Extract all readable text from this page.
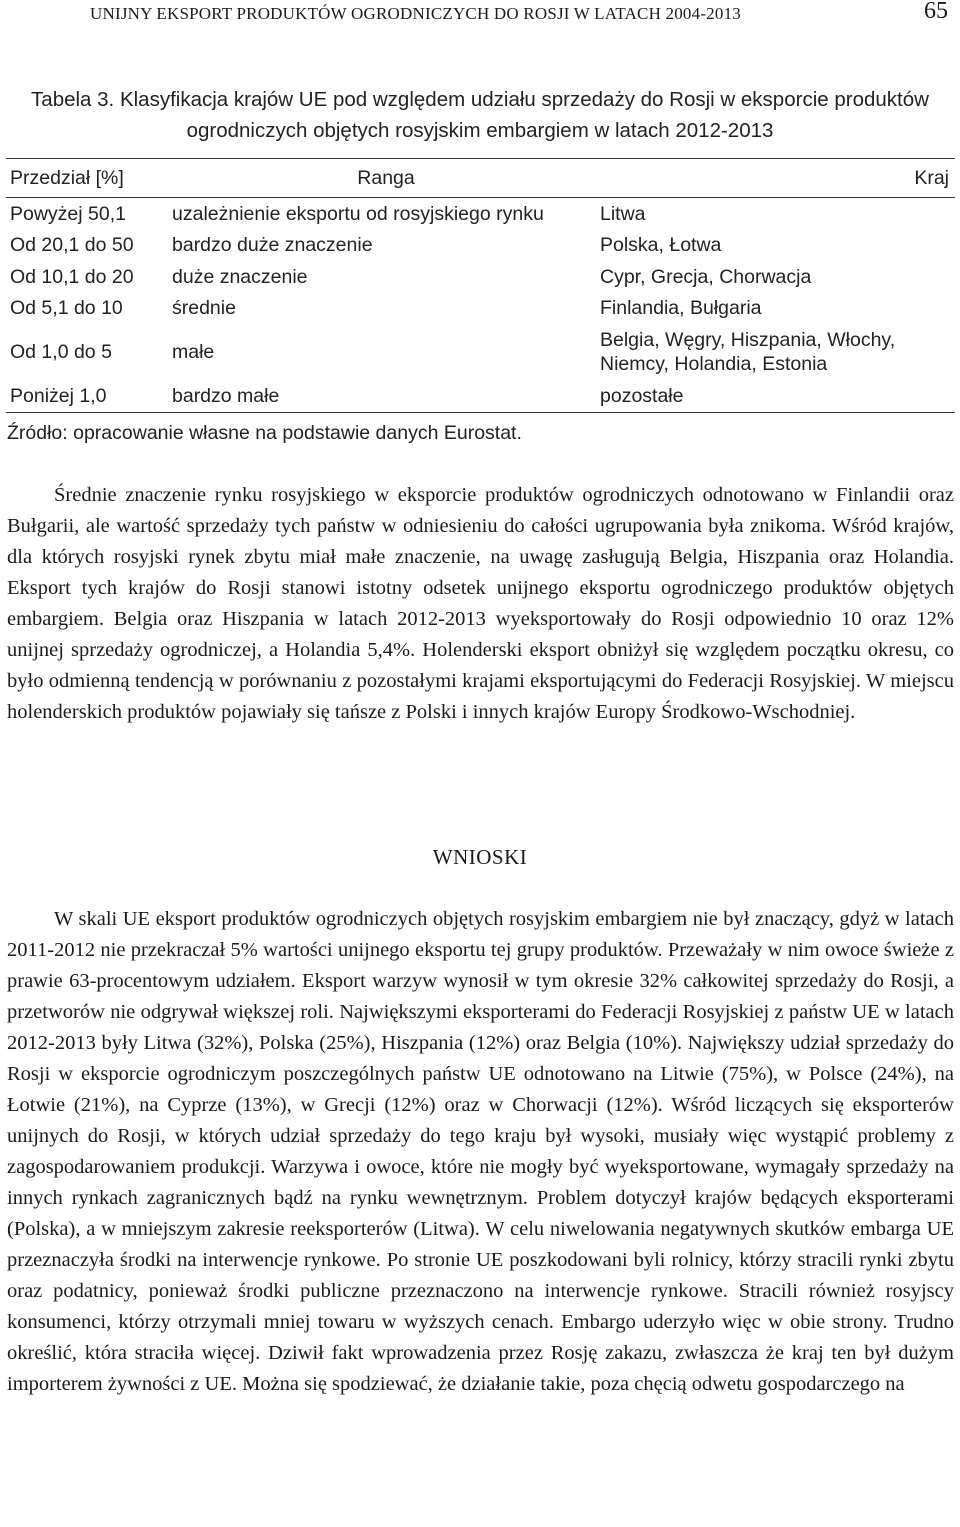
UNIJNY EKSPORT PRODUKTÓW OGRODNICZYCH DO ROSJI W LATACH 2004-2013	65
Tabela 3. Klasyfikacja krajów UE pod względem udziału sprzedaży do Rosji w eksporcie produktów ogrodniczych objętych rosyjskim embargiem w latach 2012-2013
Przedział [%]	Ranga	Kraj
Powyżej 50,1	uzależnienie eksportu od rosyjskiego rynku	Litwa
Od 20,1 do 50	bardzo duże znaczenie	Polska, Łotwa
Od 10,1 do 20	duże znaczenie	Cypr, Grecja, Chorwacja
Od 5,1 do 10	średnie	Finlandia, Bułgaria
Od 1,0 do 5	małe	Belgia, Węgry, Hiszpania, Włochy, Niemcy, Holandia, Estonia
Poniżej 1,0	bardzo małe	pozostałe
Źródło: opracowanie własne na podstawie danych Eurostat.

Średnie znaczenie rynku rosyjskiego w eksporcie produktów ogrodniczych odnotowano w Finlandii oraz Bułgarii, ale wartość sprzedaży tych państw w odniesieniu do całości ugrupowania była znikoma. Wśród krajów, dla których rosyjski rynek zbytu miał małe znaczenie, na uwagę zasługują Belgia, Hiszpania oraz Holandia. Eksport tych krajów do Rosji stanowi istotny odsetek unijnego eksportu ogrodniczego produktów objętych embargiem. Belgia oraz Hiszpania w latach 2012-2013 wyeksportowały do Rosji odpowiednio 10 oraz 12% unijnej sprzedaży ogrodniczej, a Holandia 5,4%. Holenderski eksport obniżył się względem początku okresu, co było odmienną tendencją w porównaniu z pozostałymi krajami eksportującymi do Federacji Rosyjskiej. W miejscu holenderskich produktów pojawiały się tańsze z Polski i innych krajów Europy Środkowo-Wschodniej.

WNIOSKI

W skali UE eksport produktów ogrodniczych objętych rosyjskim embargiem nie był znaczący, gdyż w latach 2011-2012 nie przekraczał 5% wartości unijnego eksportu tej grupy produktów. Przeważały w nim owoce świeże z prawie 63-procentowym udziałem. Eksport warzyw wynosił w tym okresie 32% całkowitej sprzedaży do Rosji, a przetworów nie odgrywał większej roli. Największymi eksporterami do Federacji Rosyjskiej z państw UE w latach 2012-2013 były Litwa (32%), Polska (25%), Hiszpania (12%) oraz Belgia (10%). Największy udział sprzedaży do Rosji w eksporcie ogrodniczym poszczególnych państw UE odnotowano na Litwie (75%), w Polsce (24%), na Łotwie (21%), na Cyprze (13%), w Grecji (12%) oraz w Chorwacji (12%). Wśród liczących się eksporterów unijnych do Rosji, w których udział sprzedaży do tego kraju był wysoki, musiały więc wystąpić problemy z zagospodarowaniem produkcji. Warzywa i owoce, które nie mogły być wyeksportowane, wymagały sprzedaży na innych rynkach zagranicznych bądź na rynku wewnętrznym. Problem dotyczył krajów będących eksporterami (Polska), a w mniejszym zakresie reeksporterów (Litwa). W celu niwelowania negatywnych skutków embarga UE przeznaczyła środki na interwencje rynkowe. Po stronie UE poszkodowani byli rolnicy, którzy stracili rynki zbytu oraz podatnicy, ponieważ środki publiczne przeznaczono na interwencje rynkowe. Stracili również rosyjscy konsumenci, którzy otrzymali mniej towaru w wyższych cenach. Embargo uderzyło więc w obie strony. Trudno określić, która straciła więcej. Dziwił fakt wprowadzenia przez Rosję zakazu, zwłaszcza że kraj ten był dużym importerem żywności z UE. Można się spodziewać, że działanie takie, poza chęcią odwetu gospodarczego na
